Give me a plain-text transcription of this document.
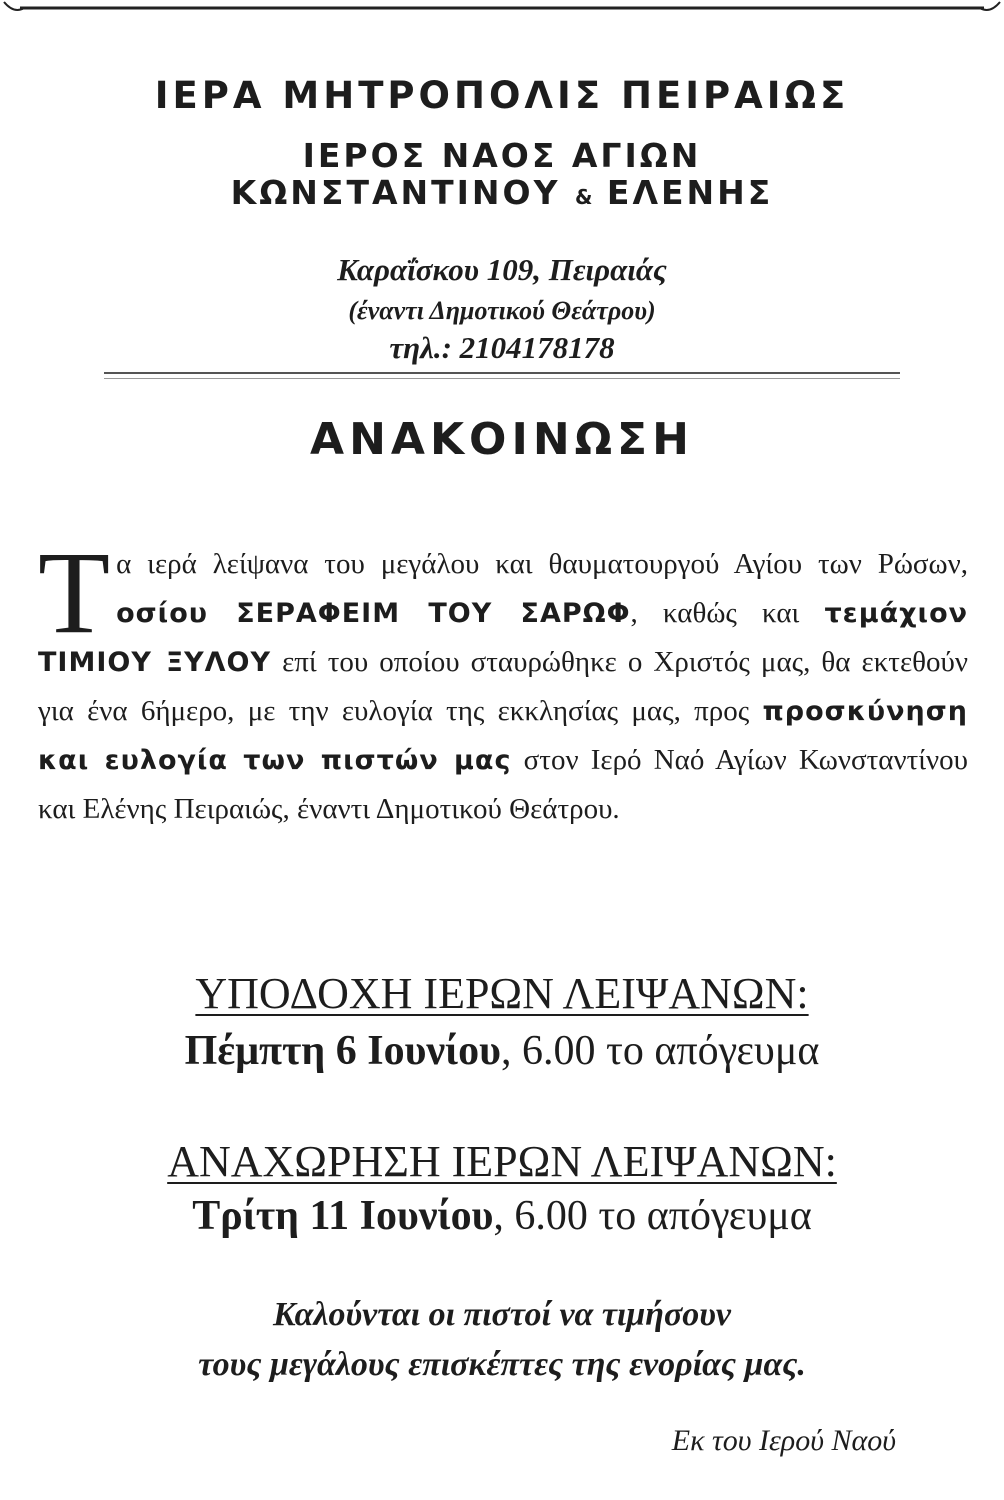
ΙΕΡΑ ΜΗΤΡΟΠΟΛΙΣ ΠΕΙΡΑΙΩΣ
ΙΕΡΟΣ ΝΑΟΣ ΑΓΙΩΝ
ΚΩΝΣΤΑΝΤΙΝΟΥ & ΕΛΕΝΗΣ
Καραΐσκου 109, Πειραιάς
(έναντι Δημοτικού Θεάτρου)
τηλ.: 2104178178
ΑΝΑΚΟΙΝΩΣΗ
Τα ιερά λείψανα του μεγάλου και θαυματουργού Αγίου των Ρώσων, οσίου ΣΕΡΑΦΕΙΜ ΤΟΥ ΣΑΡΩΦ, καθώς και τεμάχιον ΤΙΜΙΟΥ ΞΥΛΟΥ επί του οποίου σταυρώθηκε ο Χριστός μας, θα εκτεθούν για ένα 6ήμερο, με την ευλογία της εκκλησίας μας, προς προσκύνηση και ευλογία των πιστών μας στον Ιερό Ναό Αγίων Κωνσταντίνου και Ελένης Πειραιώς, έναντι Δημοτικού Θεάτρου.
ΥΠΟΔΟΧΗ ΙΕΡΩΝ ΛΕΙΨΑΝΩΝ:
Πέμπτη 6 Ιουνίου, 6.00 το απόγευμα
ΑΝΑΧΩΡΗΣΗ ΙΕΡΩΝ ΛΕΙΨΑΝΩΝ:
Τρίτη 11 Ιουνίου, 6.00 το απόγευμα
Καλούνται οι πιστοί να τιμήσουν
τους μεγάλους επισκέπτες της ενορίας μας.
Εκ του Ιερού Ναού
